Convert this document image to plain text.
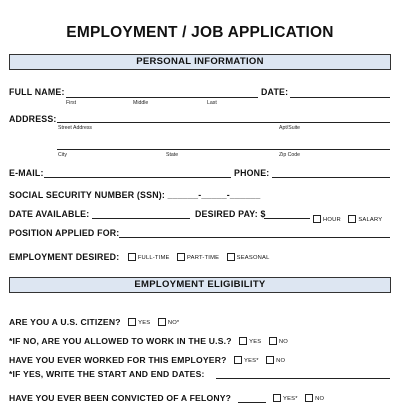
EMPLOYMENT / JOB APPLICATION
PERSONAL INFORMATION
FULL NAME:
First	Middle	Last
DATE:
ADDRESS:
Street Address	Apt/Suite
City	State	Zip Code
E-MAIL:	PHONE:
SOCIAL SECURITY NUMBER (SSN): ______-_____-______
DATE AVAILABLE:	DESIRED PAY: $
HOUR	SALARY
POSITION APPLIED FOR:
EMPLOYMENT DESIRED:	FULL-TIME	PART-TIME	SEASONAL
EMPLOYMENT ELIGIBILITY
ARE YOU A U.S. CITIZEN?	YES	NO*
*IF NO, ARE YOU ALLOWED TO WORK IN THE U.S.?	YES	NO
HAVE YOU EVER WORKED FOR THIS EMPLOYER?	YES*	NO
*IF YES, WRITE THE START AND END DATES:
HAVE YOU EVER BEEN CONVICTED OF A FELONY?	YES*	NO
